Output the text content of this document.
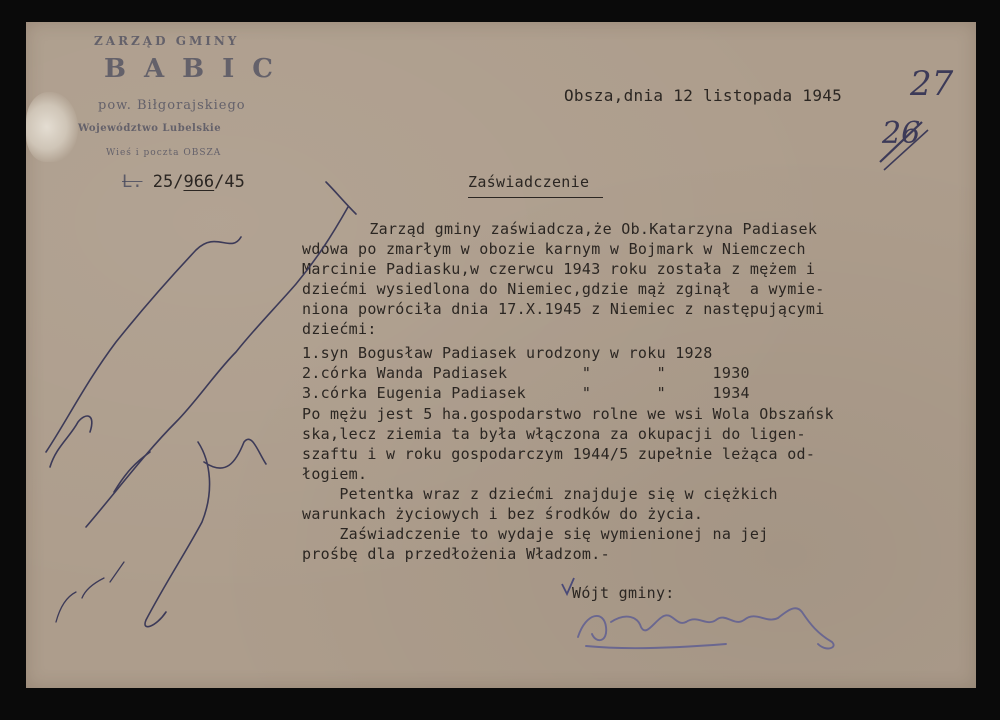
ZARZĄD GMINY
BABIC
pow. Biłgorajskiego
Województwo Lubelskie
Wieś i poczta OBSZA
L. 25/966/45
Obsza,dnia 12 listopada 1945 27
26
Zaświadczenie
Zarząd gminy zaświadcza,że Ob.Katarzyna Padiasek
wdowa po zmarłym w obozie karnym w Bojmark w Niemczech
Marcinie Padiasku,w czerwcu 1943 roku została z mężem i
dziećmi wysiedlona do Niemiec,gdzie mąż zginął  a wymie-
niona powróciła dnia 17.X.1945 z Niemiec z następującymi
dziećmi:
1.syn Bogusław Padiasek urodzony w roku 1928
2.córka Wanda Padiasek        "       "     1930
3.córka Eugenia Padiasek      "       "     1934
Po mężu jest 5 ha.gospodarstwo rolne we wsi Wola Obszańsk
ska,lecz ziemia ta była włączona za okupacji do ligen-
szaftu i w roku gospodarczym 1944/5 zupełnie leżąca od-
łogiem.
Petentka wraz z dziećmi znajduje się w ciężkich
warunkach życiowych i bez środków do życia.
Zaświadczenie to wydaje się wymienionej na jej
prośbę dla przedłożenia Władzom.-
Wójt gminy:
